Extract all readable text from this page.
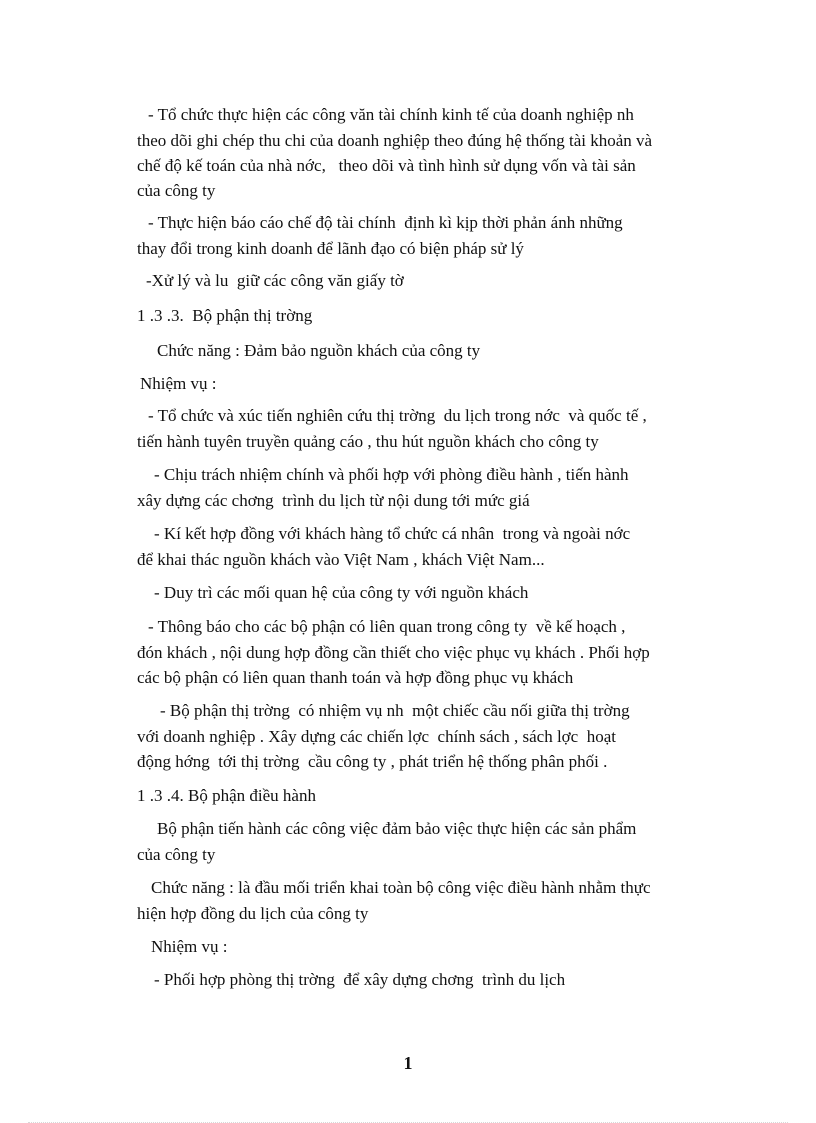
- Tổ chức thực hiện các công văn tài chính kinh tế của doanh nghiệp nh

theo dõi ghi chép thu chi của doanh nghiệp theo đúng hệ thống tài khoản và

chế độ kế toán của nhà nớc,   theo dõi và tình hình sử dụng vốn và tài sản

của công ty

- Thực hiện báo cáo chế độ tài chính  định kì kịp thời phản ánh những

thay đổi trong kinh doanh để lãnh đạo có biện pháp sử lý

-Xử lý và lu  giữ các công văn giấy tờ

1 .3 .3.  Bộ phận thị trờng

Chức năng : Đảm bảo nguồn khách của công ty

Nhiệm vụ :

- Tổ chức và xúc tiến nghiên cứu thị trờng  du lịch trong nớc  và quốc tế ,

tiến hành tuyên truyền quảng cáo , thu hút nguồn khách cho công ty

- Chịu trách nhiệm chính và phối hợp với phòng điều hành , tiến hành

xây dựng các chơng  trình du lịch từ nội dung tới mức giá

- Kí kết hợp đồng với khách hàng tổ chức cá nhân  trong và ngoài nớc

để khai thác nguồn khách vào Việt Nam , khách Việt Nam...

- Duy trì các mối quan hệ của công ty với nguồn khách

- Thông báo cho các bộ phận có liên quan trong công ty  về kế hoạch ,

đón khách , nội dung hợp đồng cần thiết cho việc phục vụ khách . Phối hợp

các bộ phận có liên quan thanh toán và hợp đồng phục vụ khách

- Bộ phận thị trờng  có nhiệm vụ nh  một chiếc cầu nối giữa thị trờng

với doanh nghiệp . Xây dựng các chiến lợc  chính sách , sách lợc  hoạt

động hớng  tới thị trờng  cầu công ty , phát triển hệ thống phân phối .

1 .3 .4. Bộ phận điều hành

Bộ phận tiến hành các công việc đảm bảo việc thực hiện các sản phẩm

của công ty

Chức năng : là đầu mối triển khai toàn bộ công việc điều hành nhằm thực

hiện hợp đồng du lịch của công ty

Nhiệm vụ :

- Phối hợp phòng thị trờng  để xây dựng chơng  trình du lịch

1
